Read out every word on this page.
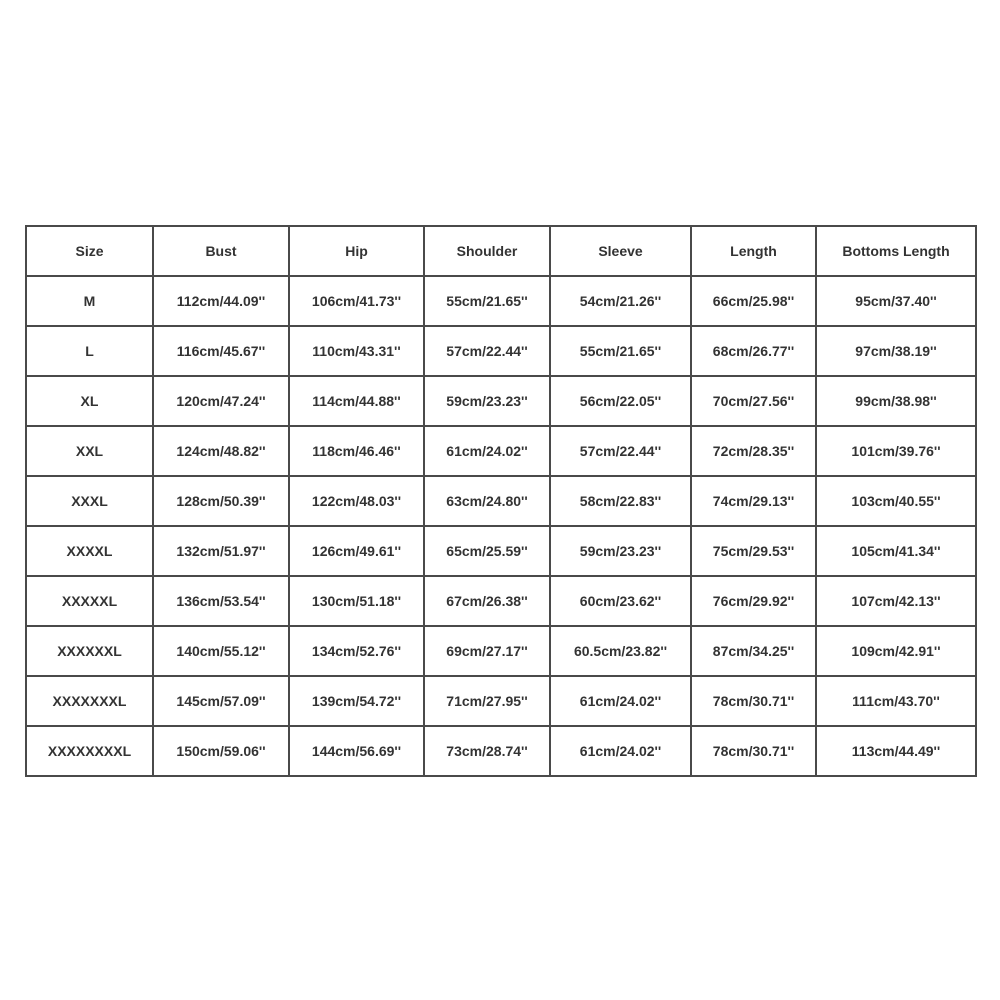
Size	Bust	Hip	Shoulder	Sleeve	Length	Bottoms Length
M	112cm/44.09''	106cm/41.73''	55cm/21.65''	54cm/21.26''	66cm/25.98''	95cm/37.40''
L	116cm/45.67''	110cm/43.31''	57cm/22.44''	55cm/21.65''	68cm/26.77''	97cm/38.19''
XL	120cm/47.24''	114cm/44.88''	59cm/23.23''	56cm/22.05''	70cm/27.56''	99cm/38.98''
XXL	124cm/48.82''	118cm/46.46''	61cm/24.02''	57cm/22.44''	72cm/28.35''	101cm/39.76''
XXXL	128cm/50.39''	122cm/48.03''	63cm/24.80''	58cm/22.83''	74cm/29.13''	103cm/40.55''
XXXXL	132cm/51.97''	126cm/49.61''	65cm/25.59''	59cm/23.23''	75cm/29.53''	105cm/41.34''
XXXXXL	136cm/53.54''	130cm/51.18''	67cm/26.38''	60cm/23.62''	76cm/29.92''	107cm/42.13''
XXXXXXL	140cm/55.12''	134cm/52.76''	69cm/27.17''	60.5cm/23.82''	87cm/34.25''	109cm/42.91''
XXXXXXXL	145cm/57.09''	139cm/54.72''	71cm/27.95''	61cm/24.02''	78cm/30.71''	111cm/43.70''
XXXXXXXXL	150cm/59.06''	144cm/56.69''	73cm/28.74''	61cm/24.02''	78cm/30.71''	113cm/44.49''
